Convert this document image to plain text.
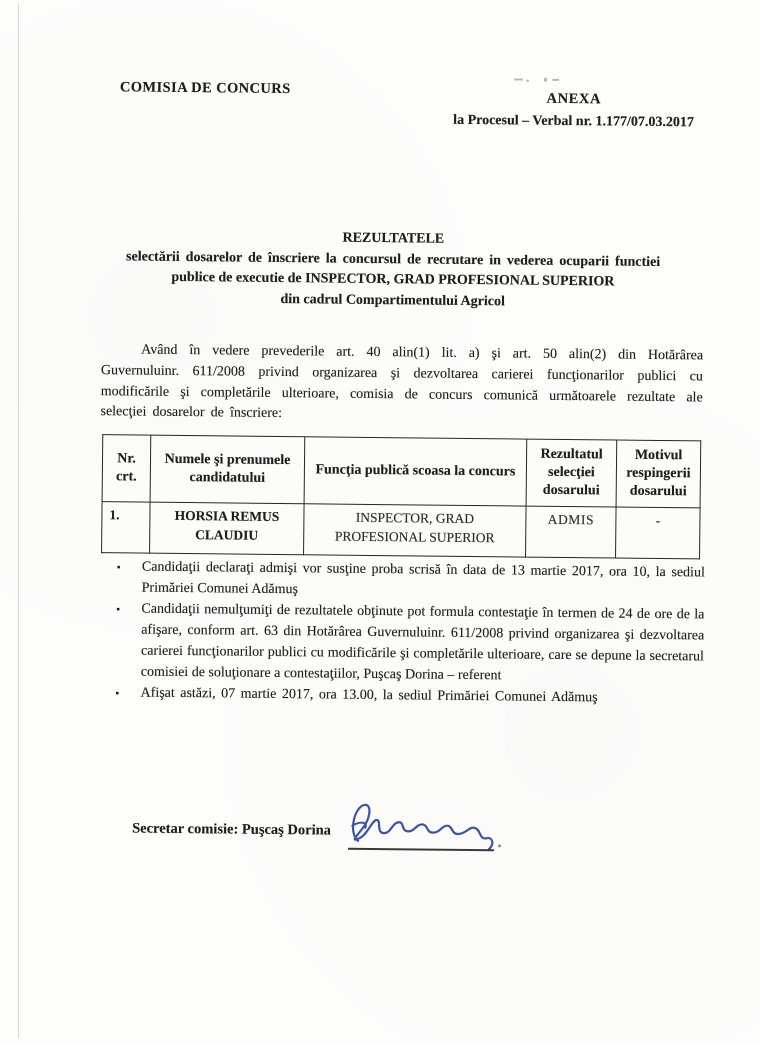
COMISIA DE CONCURS
ANEXA
la Procesul – Verbal nr. 1.177/07.03.2017
REZULTATELE
selectării dosarelor de înscriere la concursul de recrutare in vederea ocuparii functiei
publice de executie de INSPECTOR, GRAD PROFESIONAL SUPERIOR
din cadrul Compartimentului Agricol
Având în vedere prevederile art. 40 alin(1) lit. a) şi art. 50 alin(2) din Hotărârea Guvernuluinr. 611/2008 privind organizarea şi dezvoltarea carierei funcţionarilor publici cu modificările şi completările ulterioare, comisia de concurs comunică următoarele rezultate ale selecţiei dosarelor de înscriere:
Nr. crt.	Numele şi prenumele candidatului	Funcţia publică scoasa la concurs	Rezultatul selecţiei dosarului	Motivul respingerii dosarului
1.	HORSIA REMUS CLAUDIU	INSPECTOR, GRAD PROFESIONAL SUPERIOR	ADMIS	-
▪ Candidaţii declaraţi admişi vor susţine proba scrisă în data de 13 martie 2017, ora 10, la sediul Primăriei Comunei Adămuş
▪ Candidaţii nemulţumiţi de rezultatele obţinute pot formula contestaţie în termen de 24 de ore de la afişare, conform art. 63 din Hotărârea Guvernuluinr. 611/2008 privind organizarea şi dezvoltarea carierei funcţionarilor publici cu modificările şi completările ulterioare, care se depune la secretarul comisiei de soluţionare a contestaţiilor, Puşcaş Dorina – referent
▪ Afişat astăzi, 07 martie 2017, ora 13.00, la sediul Primăriei Comunei Adămuş
Secretar comisie: Puşcaş Dorina
